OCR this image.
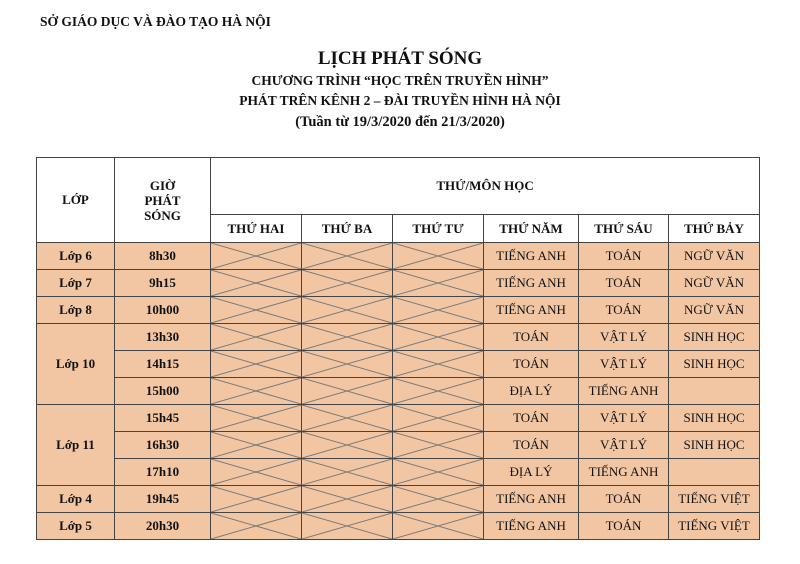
SỞ GIÁO DỤC VÀ ĐÀO TẠO HÀ NỘI
LỊCH PHÁT SÓNG
CHƯƠNG TRÌNH “HỌC TRÊN TRUYỀN HÌNH”
PHÁT TRÊN KÊNH 2 – ĐÀI TRUYỀN HÌNH HÀ NỘI
(Tuần từ 19/3/2020 đến 21/3/2020)
LỚP	GIỜ PHÁT SÓNG	THỨ/MÔN HỌC					
		THỨ HAI	THỨ BA	THỨ TƯ	THỨ NĂM	THỨ SÁU	THỨ BẢY
Lớp 6	8h30				TIẾNG ANH	TOÁN	NGỮ VĂN
Lớp 7	9h15				TIẾNG ANH	TOÁN	NGỮ VĂN
Lớp 8	10h00				TIẾNG ANH	TOÁN	NGỮ VĂN
Lớp 10	13h30				TOÁN	VẬT LÝ	SINH HỌC
	14h15				TOÁN	VẬT LÝ	SINH HỌC
	15h00				ĐỊA LÝ	TIẾNG ANH	
Lớp 11	15h45				TOÁN	VẬT LÝ	SINH HỌC
	16h30				TOÁN	VẬT LÝ	SINH HỌC
	17h10				ĐỊA LÝ	TIẾNG ANH	
Lớp 4	19h45				TIẾNG ANH	TOÁN	TIẾNG VIỆT
Lớp 5	20h30				TIẾNG ANH	TOÁN	TIẾNG VIỆT
